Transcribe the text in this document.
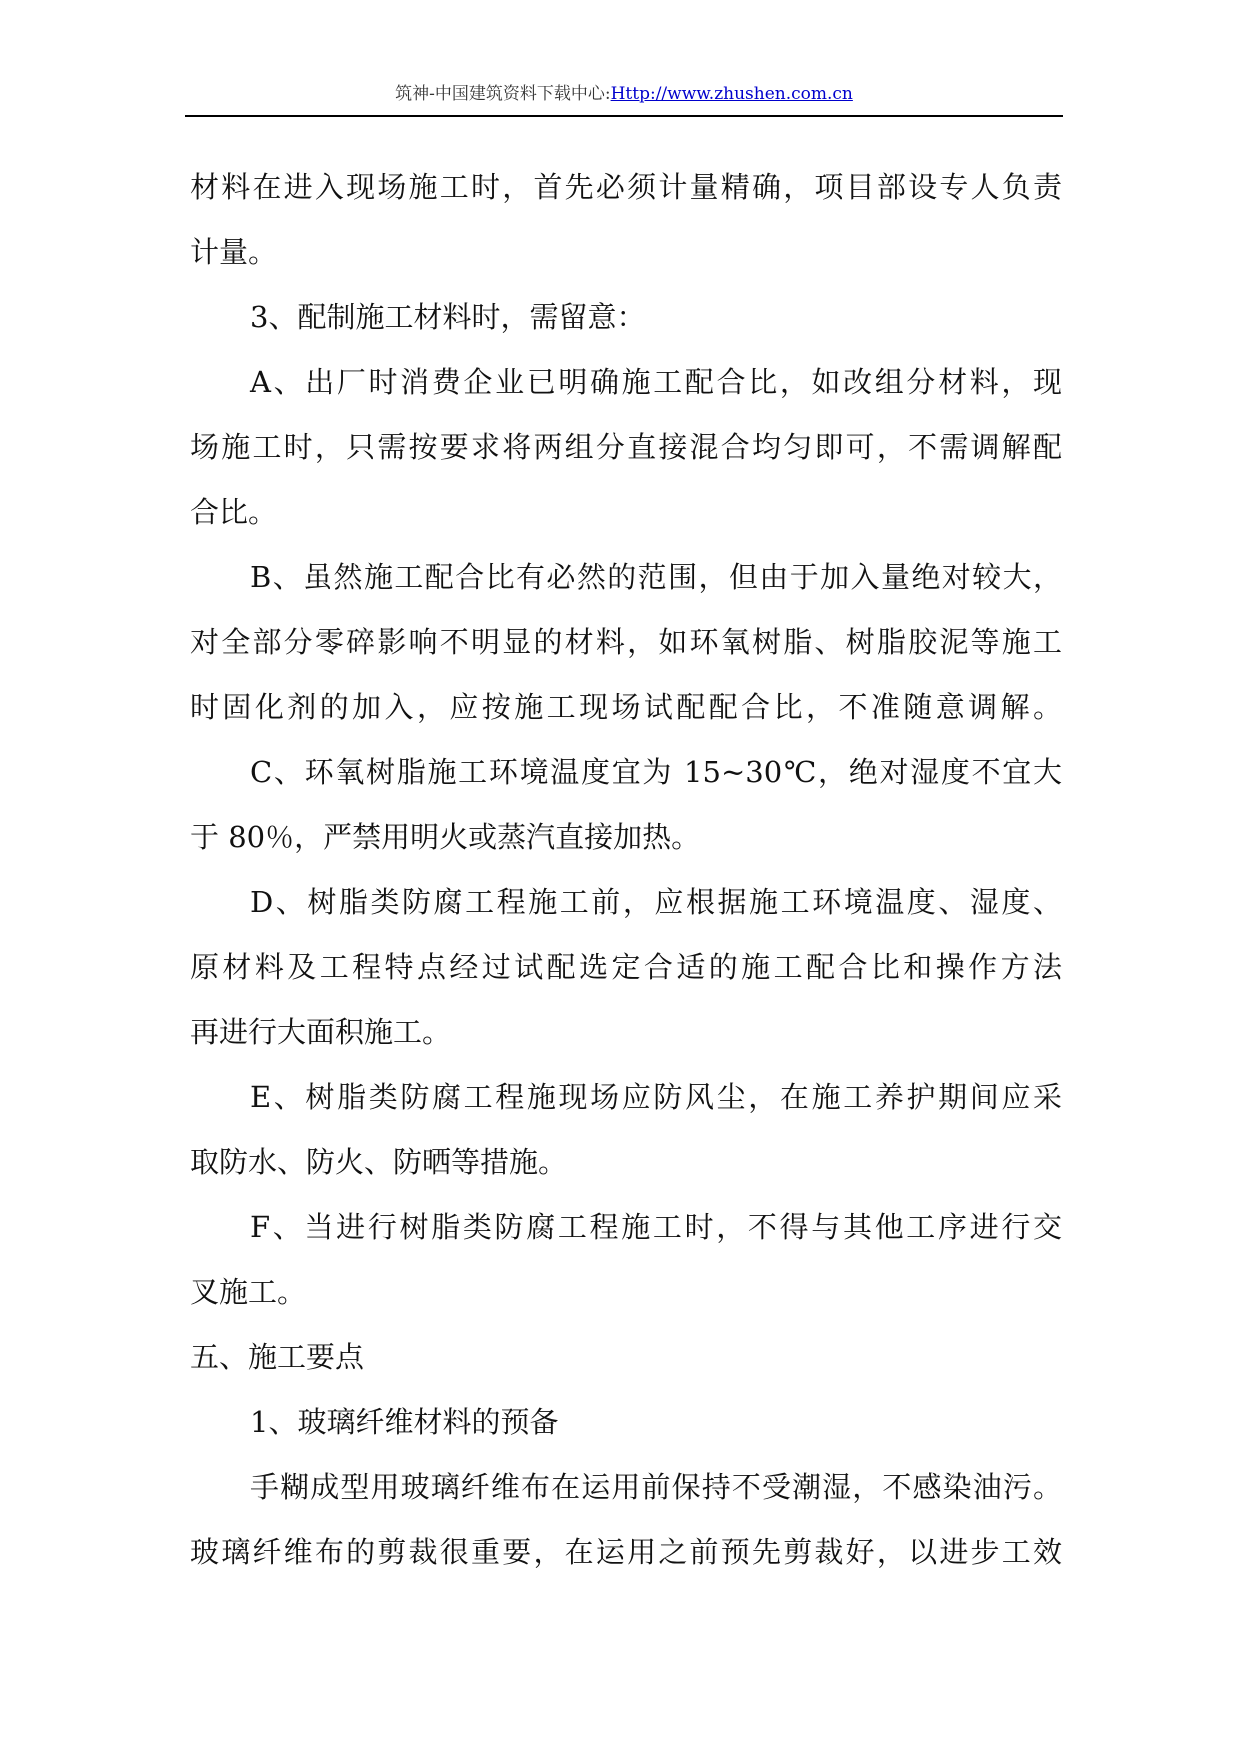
筑神-中国建筑资料下载中心:Http://www.zhushen.com.cn
材料在进入现场施工时，首先必须计量精确，项目部设专人负责
计量。
3、配制施工材料时，需留意：
A、出厂时消费企业已明确施工配合比，如改组分材料，现
场施工时，只需按要求将两组分直接混合均匀即可，不需调解配
合比。
B、虽然施工配合比有必然的范围，但由于加入量绝对较大，
对全部分零碎影响不明显的材料，如环氧树脂、树脂胶泥等施工
时固化剂的加入，应按施工现场试配配合比，不准随意调解。
C、环氧树脂施工环境温度宜为 15~30℃，绝对湿度不宜大
于 80％，严禁用明火或蒸汽直接加热。
D、树脂类防腐工程施工前，应根据施工环境温度、湿度、
原材料及工程特点经过试配选定合适的施工配合比和操作方法
再进行大面积施工。
E、树脂类防腐工程施现场应防风尘，在施工养护期间应采
取防水、防火、防晒等措施。
F、当进行树脂类防腐工程施工时，不得与其他工序进行交
叉施工。
五、施工要点
1、玻璃纤维材料的预备
手糊成型用玻璃纤维布在运用前保持不受潮湿，不感染油污。
玻璃纤维布的剪裁很重要，在运用之前预先剪裁好，以进步工效
